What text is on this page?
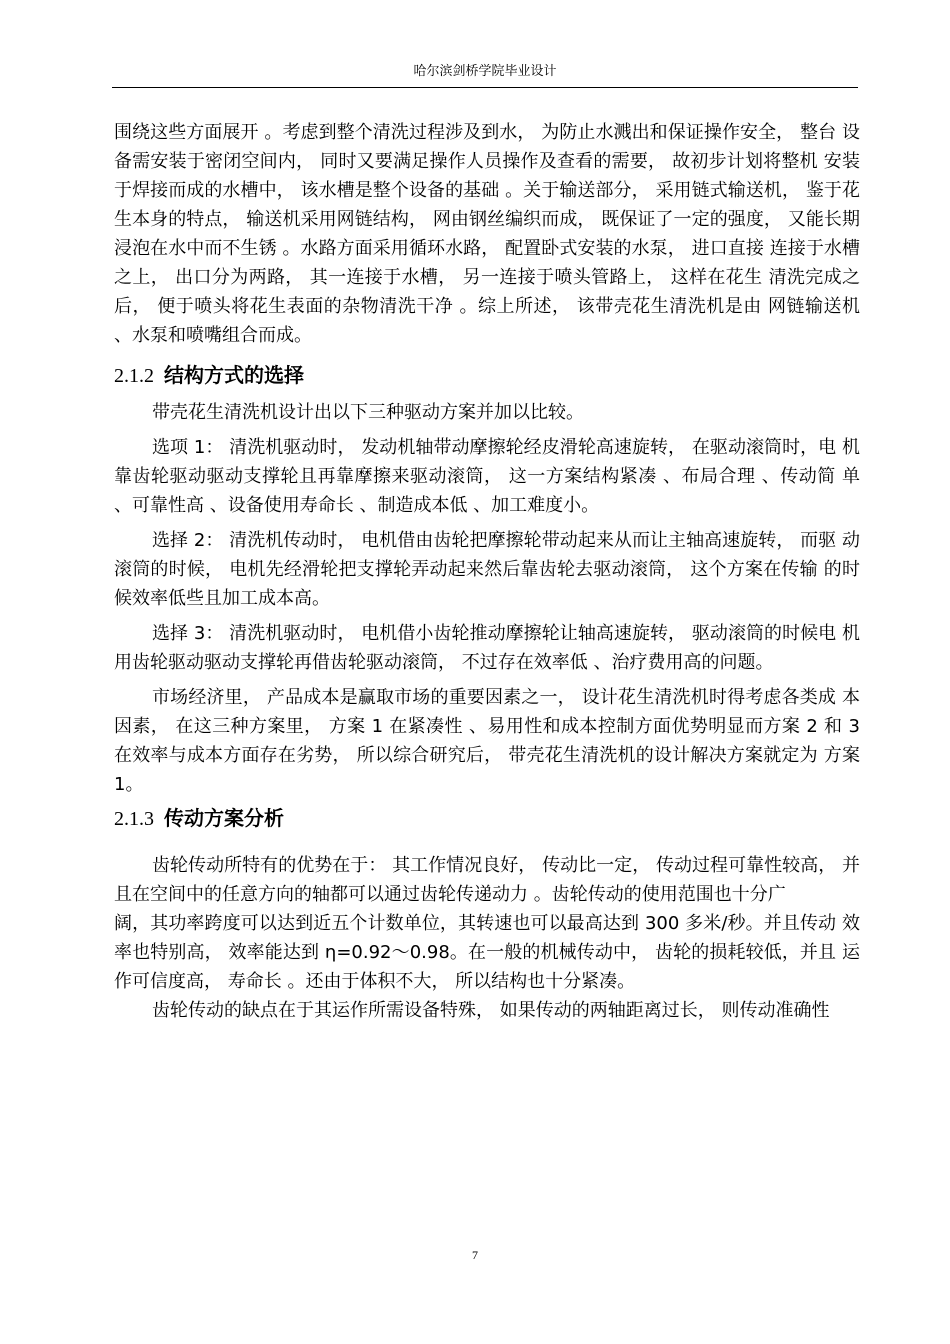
哈尔滨剑桥学院毕业设计

围绕这些方面展开 。考虑到整个清洗过程涉及到水， 为防止水溅出和保证操作安全， 整台 设备需安装于密闭空间内， 同时又要满足操作人员操作及查看的需要， 故初步计划将整机 安装于焊接而成的水槽中， 该水槽是整个设备的基础 。关于输送部分， 采用链式输送机， 鉴于花生本身的特点， 输送机采用网链结构， 网由钢丝编织而成， 既保证了一定的强度， 又能长期浸泡在水中而不生锈 。水路方面采用循环水路， 配置卧式安装的水泵， 进口直接 连接于水槽之上， 出口分为两路， 其一连接于水槽， 另一连接于喷头管路上， 这样在花生 清洗完成之后， 便于喷头将花生表面的杂物清洗干净 。综上所述， 该带壳花生清洗机是由 网链输送机 、水泵和喷嘴组合而成。

2.1.2 结构方式的选择

带壳花生清洗机设计出以下三种驱动方案并加以比较。

选项 1： 清洗机驱动时， 发动机轴带动摩擦轮经皮滑轮高速旋转， 在驱动滚筒时，电 机靠齿轮驱动驱动支撑轮且再靠摩擦来驱动滚筒， 这一方案结构紧凑 、布局合理 、传动简 单 、可靠性高 、设备使用寿命长 、制造成本低 、加工难度小。

选择 2： 清洗机传动时， 电机借由齿轮把摩擦轮带动起来从而让主轴高速旋转， 而驱 动滚筒的时候， 电机先经滑轮把支撑轮弄动起来然后靠齿轮去驱动滚筒， 这个方案在传输 的时候效率低些且加工成本高。

选择 3： 清洗机驱动时， 电机借小齿轮推动摩擦轮让轴高速旋转， 驱动滚筒的时候电 机用齿轮驱动驱动支撑轮再借齿轮驱动滚筒， 不过存在效率低 、治疗费用高的问题。

市场经济里， 产品成本是赢取市场的重要因素之一， 设计花生清洗机时得考虑各类成 本因素， 在这三种方案里， 方案 1 在紧凑性 、易用性和成本控制方面优势明显而方案 2 和 3 在效率与成本方面存在劣势， 所以综合研究后， 带壳花生清洗机的设计解决方案就定为 方案 1。

2.1.3 传动方案分析

齿轮传动所特有的优势在于： 其工作情况良好， 传动比一定， 传动过程可靠性较高， 并且在空间中的任意方向的轴都可以通过齿轮传递动力 。齿轮传动的使用范围也十分广

阔，其功率跨度可以达到近五个计数单位，其转速也可以最高达到 300 多米/秒。并且传动 效率也特别高， 效率能达到 η=0.92～0.98。在一般的机械传动中， 齿轮的损耗较低，并且 运作可信度高， 寿命长 。还由于体积不大， 所以结构也十分紧凑。

齿轮传动的缺点在于其运作所需设备特殊， 如果传动的两轴距离过长， 则传动准确性

7
